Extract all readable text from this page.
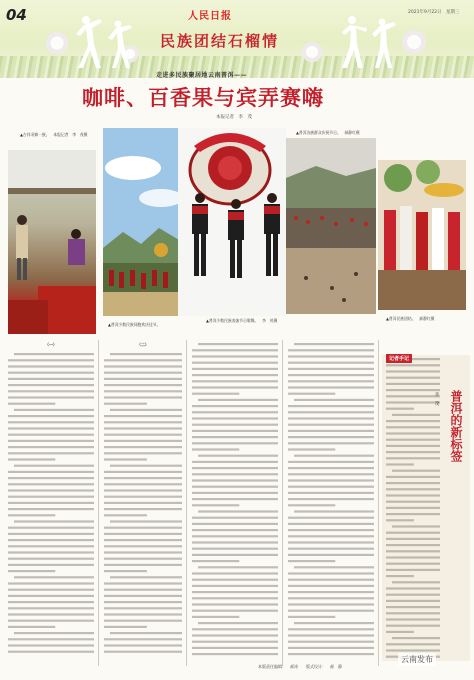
04	人民日报	2021年9月22日　星期三
民族团结石榴情
走进多民族聚居地云南普洱——
咖啡、百香果与宾弄赛嗨
本报记者　李　茂
▲吉祥采摘一族。　本报记者　李　茂摄
▲普洱少数民族同胞欢庆佳节。
▲普洱少数民族表演节日歌舞。　李　茂摄
▲普洱各族群众庆祝节日。　郝静红摄
▲普洱民族团结。　郝静红摄
（一）	（二）
记者手记
普洱的新标签
李　茂
本版责任编辑：　郝涛　　版式设计：　郝　静
云南发布
